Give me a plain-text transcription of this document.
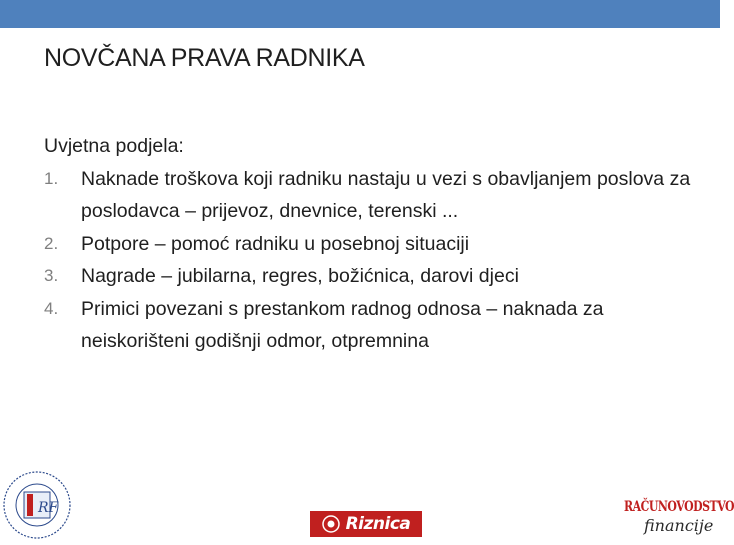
NOVČANA PRAVA RADNIKA
Uvjetna podjela:
1. Naknade troškova koji radniku nastaju u vezi s obavljanjem poslova za poslodavca – prijevoz, dnevnice, terenski ...
2. Potpore – pomoć radniku u posebnoj situaciji
3. Nagrade – jubilarna, regres, božićnica, darovi djeci
4. Primici povezani s prestankom radnog odnosa – naknada za neiskorišteni godišnji odmor, otpremnina
RF
Riznica
RAČUNOVODSTVO
financije
